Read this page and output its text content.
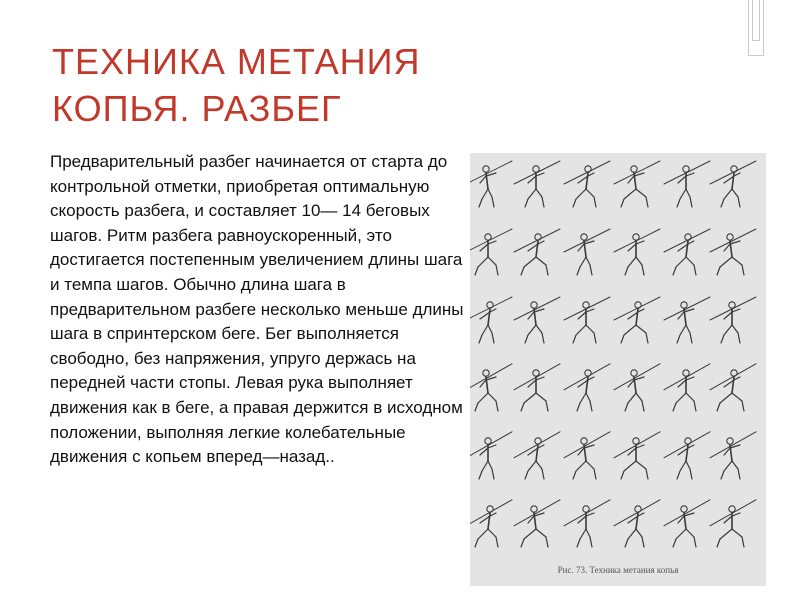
ТЕХНИКА МЕТАНИЯ
КОПЬЯ. РАЗБЕГ

Предварительный разбег начинается от старта до контрольной отметки, приобретая оптимальную скорость разбега, и составляет 10— 14 беговых шагов. Ритм разбега равноускоренный, это достигается постепенным увеличением длины шага и темпа шагов. Обычно длина шага в предварительном разбеге несколько меньше длины шага в спринтерском беге. Бег выполняется свободно, без напряжения, упруго держась на передней части стопы. Левая рука выполняет движения как в беге, а правая держится в исходном положении, выполняя легкие колебательные движения с копьем вперед—назад..

Рис. 73. Техника метания копья
